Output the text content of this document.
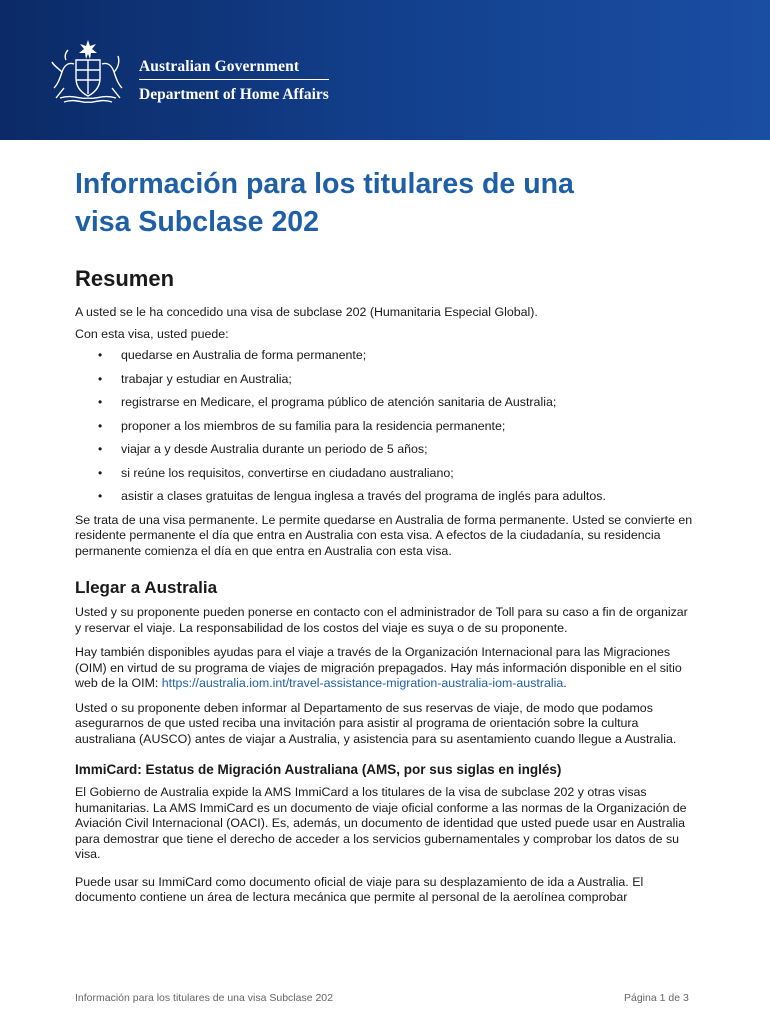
Australian Government
Department of Home Affairs
Información para los titulares de una
visa Subclase 202
Resumen

A usted se le ha concedido una visa de subclase 202 (Humanitaria Especial Global).

Con esta visa, usted puede:

• quedarse en Australia de forma permanente;
• trabajar y estudiar en Australia;
• registrarse en Medicare, el programa público de atención sanitaria de Australia;
• proponer a los miembros de su familia para la residencia permanente;
• viajar a y desde Australia durante un periodo de 5 años;
• si reúne los requisitos, convertirse en ciudadano australiano;
• asistir a clases gratuitas de lengua inglesa a través del programa de inglés para adultos.

Se trata de una visa permanente. Le permite quedarse en Australia de forma permanente. Usted se convierte en residente permanente el día que entra en Australia con esta visa. A efectos de la ciudadanía, su residencia permanente comienza el día en que entra en Australia con esta visa.

Llegar a Australia

Usted y su proponente pueden ponerse en contacto con el administrador de Toll para su caso a fin de organizar y reservar el viaje. La responsabilidad de los costos del viaje es suya o de su proponente.

Hay también disponibles ayudas para el viaje a través de la Organización Internacional para las Migraciones (OIM) en virtud de su programa de viajes de migración prepagados. Hay más información disponible en el sitio web de la OIM: https://australia.iom.int/travel-assistance-migration-australia-iom-australia.

Usted o su proponente deben informar al Departamento de sus reservas de viaje, de modo que podamos asegurarnos de que usted reciba una invitación para asistir al programa de orientación sobre la cultura australiana (AUSCO) antes de viajar a Australia, y asistencia para su asentamiento cuando llegue a Australia.

ImmiCard: Estatus de Migración Australiana (AMS, por sus siglas en inglés)

El Gobierno de Australia expide la AMS ImmiCard a los titulares de la visa de subclase 202 y otras visas humanitarias. La AMS ImmiCard es un documento de viaje oficial conforme a las normas de la Organización de Aviación Civil Internacional (OACI). Es, además, un documento de identidad que usted puede usar en Australia para demostrar que tiene el derecho de acceder a los servicios gubernamentales y comprobar los datos de su visa.

Puede usar su ImmiCard como documento oficial de viaje para su desplazamiento de ida a Australia. El documento contiene un área de lectura mecánica que permite al personal de la aerolínea comprobar

Información para los titulares de una visa Subclase 202	Página 1 de 3
